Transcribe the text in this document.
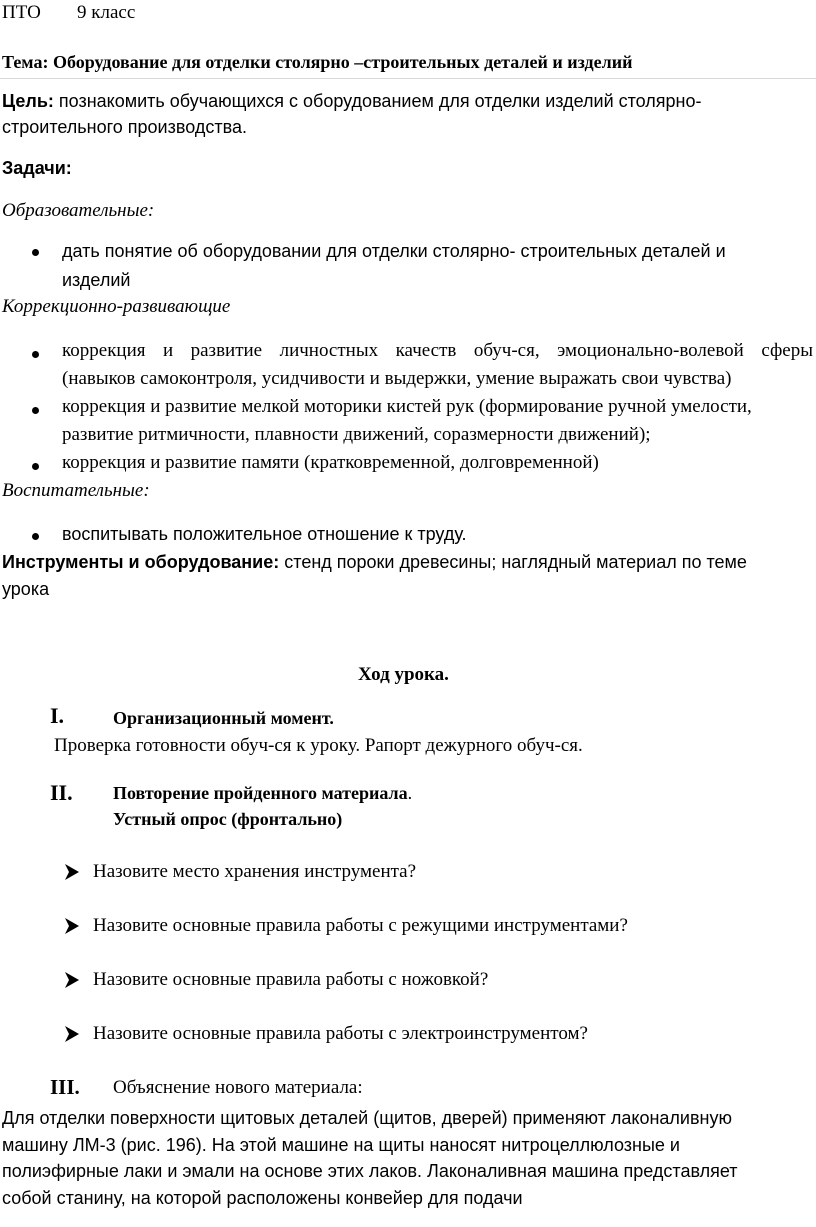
ПТО 9 класс
Тема: Оборудование для отделки столярно –строительных деталей и изделий
Цель: познакомить обучающихся с оборудованием для отделки изделий столярно-
строительного производства.
Задачи:
Образовательные:
дать понятие об оборудовании для отделки столярно- строительных деталей и
изделий
Коррекционно-развивающие
коррекция и развитие личностных качеств обуч-ся, эмоционально-волевой сферы
(навыков самоконтроля, усидчивости и выдержки, умение выражать свои чувства)
коррекция и развитие мелкой моторики кистей рук (формирование ручной умелости,
развитие ритмичности, плавности движений, соразмерности движений);
коррекция и развитие памяти (кратковременной, долговременной)
Воспитательные:
воспитывать положительное отношение к труду.
Инструменты и оборудование: стенд пороки древесины; наглядный материал по теме
урока
Ход урока.
I.	Организационный момент.
Проверка готовности обуч-ся к уроку. Рапорт дежурного обуч-ся.
II. Повторение пройденного материала.
Устный опрос (фронтально)
Назовите место хранения инструмента?
Назовите основные правила работы с режущими инструментами?
Назовите основные правила работы с ножовкой?
Назовите основные правила работы с электроинструментом?
III. Объяснение нового материала:
Для отделки поверхности щитовых деталей (щитов, дверей) применяют лаконаливную
машину ЛМ-3 (рис. 196). На этой машине на щиты наносят нитроцеллюлозные и
полиэфирные лаки и эмали на основе этих лаков. Лаконаливная машина представляет
собой станину, на которой расположены конвейер для подачи
